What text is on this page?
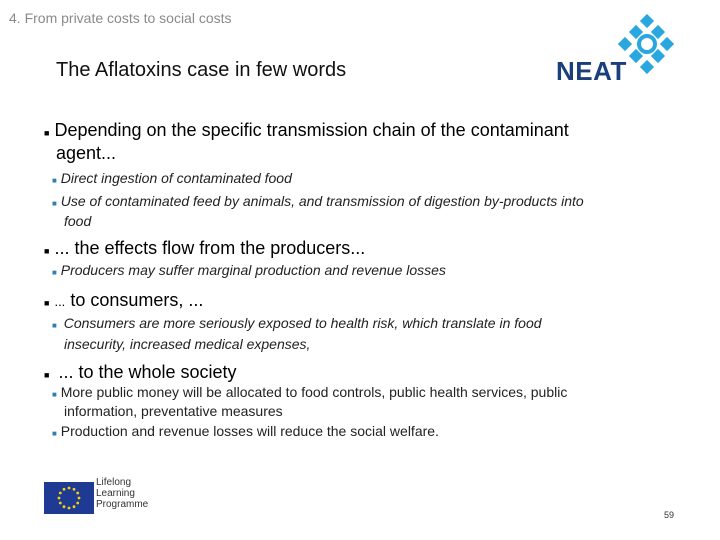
4. From private costs to social costs
The Aflatoxins case in few words	NEAT
■ Depending on the specific transmission chain of the contaminant
agent...
■ Direct ingestion of contaminated food
■ Use of contaminated feed by animals, and transmission of digestion by-products into
food
■ ... the effects flow from the producers...
■ Producers may suffer marginal production and revenue losses
■ ... to consumers, ...
■ Consumers are more seriously exposed to health risk, which translate in food
insecurity, increased medical expenses,
■ ... to the whole society
■ More public money will be allocated to food controls, public health services, public
information, preventative measures
■ Production and revenue losses will reduce the social welfare.
Lifelong
Learning
Programme
59
